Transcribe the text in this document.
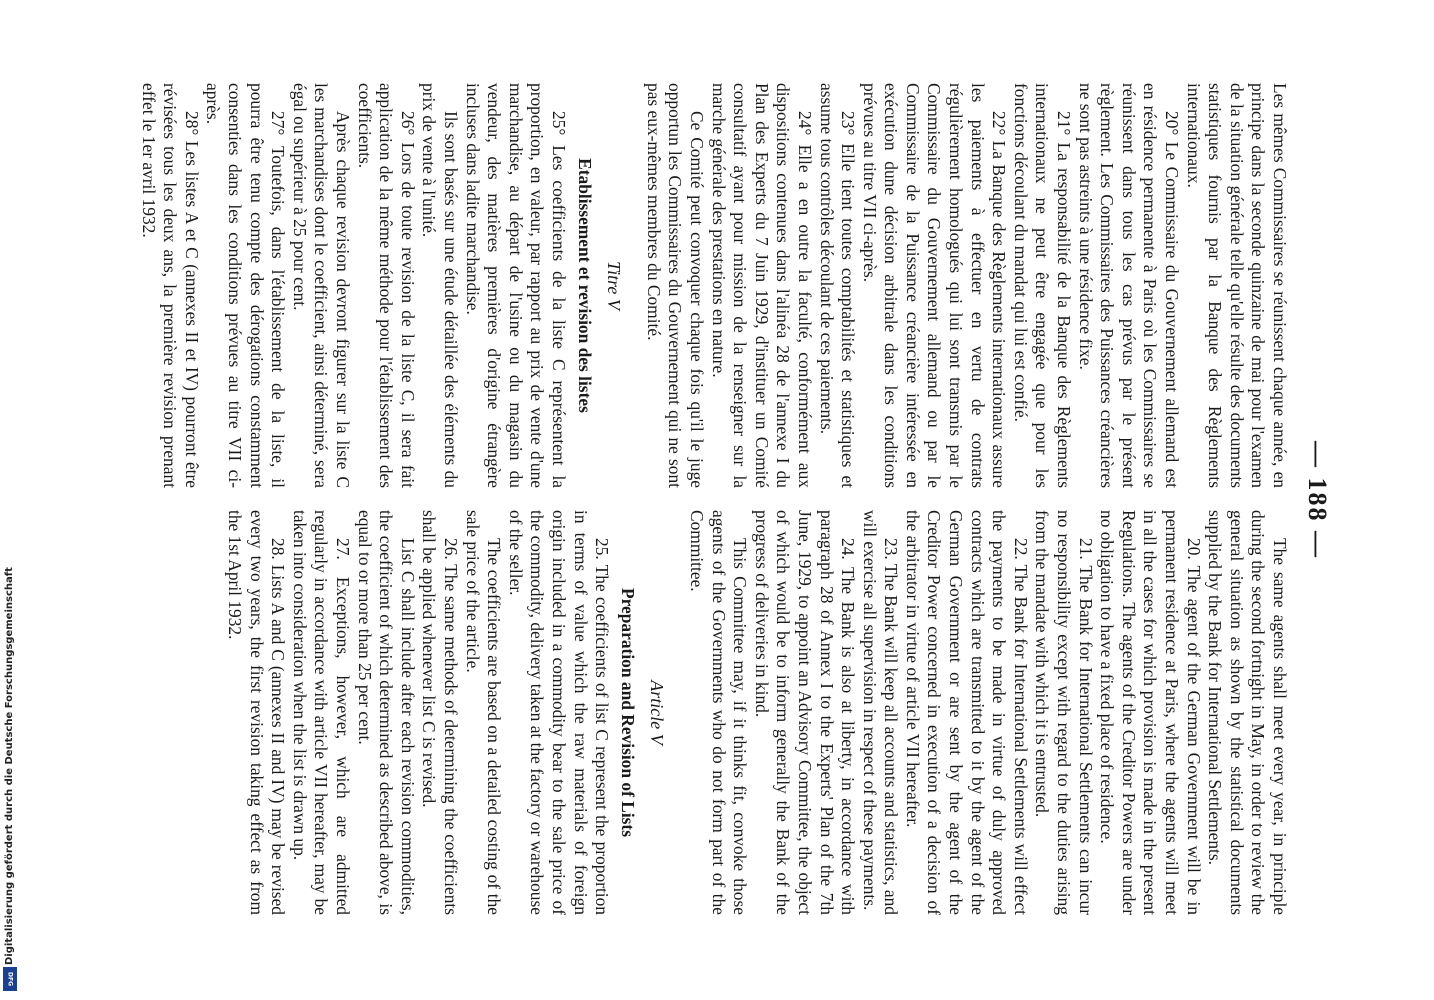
— 188 —

Les mêmes Commissaires se réunissent chaque année, en principe dans la seconde quinzaine de mai pour l'examen de la situation générale telle qu'elle résulte des documents statistiques fournis par la Banque des Règlements internationaux.

20° Le Commissaire du Gouvernement allemand est en résidence permanente à Paris où les Commissaires se réunissent dans tous les cas prévus par le présent règlement. Les Commissaires des Puissances créancières ne sont pas astreints à une résidence fixe.

21° La responsabilité de la Banque des Règlements internationaux ne peut être engagée que pour les fonctions découlant du mandat qui lui est confié.

22° La Banque des Règlements internationaux assure les paiements à effectuer en vertu de contrats régulièrement homologués qui lui sont transmis par le Commissaire du Gouvernement allemand ou par le Commissaire de la Puissance créancière intéressée en exécution dune décision arbitrale dans les conditions prévues au titre VII ci-après.

23° Elle tient toutes comptabilités et statistiques et assume tous contrôles découlant de ces paiements.

24° Elle a en outre la faculté, conformément aux dispositions contenues dans l'alinéa 28 de l'annexe I du Plan des Experts du 7 Juin 1929, d'instituer un Comité consultatif ayant pour mission de la renseigner sur la marche générale des prestations en nature.

Ce Comité peut convoquer chaque fois qu'il le juge opportun les Commissaires du Gouvernement qui ne sont pas eux-mêmes membres du Comité.

Titre V

Etablissement et revision des listes

25° Les coefficients de la liste C représentent la proportion, en valeur, par rapport au prix de vente d'une marchandise, au départ de l'usine ou du magasin du vendeur, des matières premières d'origine étrangère incluses dans ladite marchandise.

Ils sont basés sur une étude détaillée des éléments du prix de vente à l'unité.

26° Lors de toute revision de la liste C, il sera fait application de la même méthode pour l'établissement des coefficients.

Après chaque revision devront figurer sur la liste C les marchandises dont le coefficient, ainsi déterminé, sera égal ou supérieur à 25 pour cent.

27° Toutefois, dans l'établissement de la liste, il pourra être tenu compte des dérogations constamment consenties dans les conditions prévues au titre VII ci-après.

28° Les listes A et C (annexes II et IV) pourront être révisées tous les deux ans, la première revision prenant effet le 1er avril 1932.

The same agents shall meet every year, in principle during the second fortnight in May, in order to review the general situation as shown by the statistical documents supplied by the Bank for International Settlements.

20. The agent of the German Government will be in permanent residence at Paris, where the agents will meet in all the cases for which provision is made in the present Regulations. The agents of the Creditor Powers are under no obligation to have a fixed place of residence.

21. The Bank for International Settlements can incur no responsibility except with regard to the duties arising from the mandate with which it is entrusted.

22. The Bank for International Settlements will effect the payments to be made in virtue of duly approved contracts which are transmitted to it by the agent of the German Government or are sent by the agent of the Creditor Power concerned in execution of a decision of the arbitrator in virtue of article VII hereafter.

23. The Bank will keep all accounts and statistics, and will exercise all supervision in respect of these payments.

24. The Bank is also at liberty, in accordance with paragraph 28 of Annex I to the Experts' Plan of the 7th June, 1929, to appoint an Advisory Committee, the object of which would be to inform generally the Bank of the progress of deliveries in kind.

This Committee may, if it thinks fit, convoke those agents of the Governments who do not form part of the Committee.

Article V

Preparation and Revision of Lists

25. The coefficients of list C represent the proportion in terms of value which the raw materials of foreign origin included in a commodity bear to the sale price of the commodity, delivery taken at the factory or warehouse of the seller.

The coefficients are based on a detailed costing of the sale price of the article.

26. The same methods of determining the coefficients shall be applied whenever list C is revised.

List C shall include after each revision commodities, the coefficient of which determined as described above, is equal to or more than 25 per cent.

27. Exceptions, however, which are admitted regularly in accordance with article VII hereafter, may be taken into consideration when the list is drawn up.

28. Lists A and C (annexes II and IV) may be revised every two years, the first revision taking effect as from the 1st April 1932.

Digitalisierung gefördert durch die Deutsche Forschungsgemeinschaft
DFG
